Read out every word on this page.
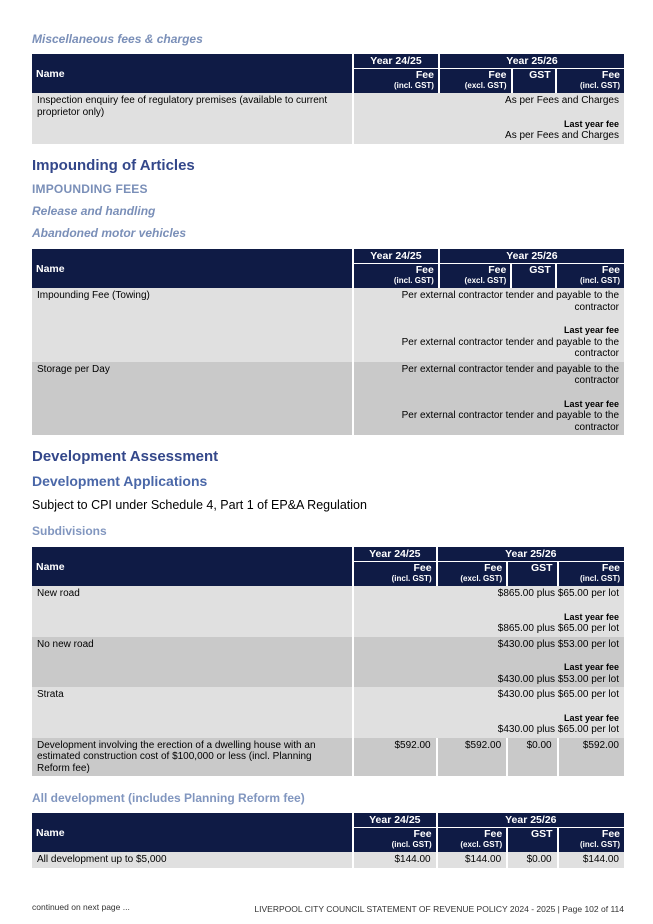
Miscellaneous fees & charges
Name	Year 24/25	Year 25/26		
	Fee	Fee	GST	Fee
	(incl. GST)	(excl. GST)		(incl. GST)
Inspection enquiry fee of regulatory premises (available to current proprietor only)	As per Fees and Charges
Last year fee
As per Fees and Charges			
Impounding of Articles
IMPOUNDING FEES
Release and handling
Abandoned motor vehicles
Name	Year 24/25	Year 25/26		
	Fee	Fee	GST	Fee
	(incl. GST)	(excl. GST)		(incl. GST)
Impounding Fee (Towing)	Per external contractor tender and payable to the contractor
Last year fee
Per external contractor tender and payable to the contractor			
Storage per Day	Per external contractor tender and payable to the contractor
Last year fee
Per external contractor tender and payable to the contractor			
Development Assessment
Development Applications
Subject to CPI under Schedule 4, Part 1 of EP&A Regulation
Subdivisions
Name	Year 24/25	Year 25/26		
	Fee	Fee	GST	Fee
	(incl. GST)	(excl. GST)		(incl. GST)
New road	$865.00 plus $65.00 per lot
Last year fee
$865.00 plus $65.00 per lot			
No new road	$430.00 plus $53.00 per lot
Last year fee
$430.00 plus $53.00 per lot			
Strata	$430.00 plus $65.00 per lot
Last year fee
$430.00 plus $65.00 per lot			
Development involving the erection of a dwelling house with an estimated construction cost of $100,000 or less (incl. Planning Reform fee)	$592.00	$592.00	$0.00	$592.00
All development (includes Planning Reform fee)
Name	Year 24/25	Year 25/26		
	Fee	Fee	GST	Fee
	(incl. GST)	(excl. GST)		(incl. GST)
All development up to $5,000	$144.00	$144.00	$0.00	$144.00
continued on next page ...	LIVERPOOL CITY COUNCIL STATEMENT OF REVENUE POLICY 2024 - 2025 | Page 102 of 114
